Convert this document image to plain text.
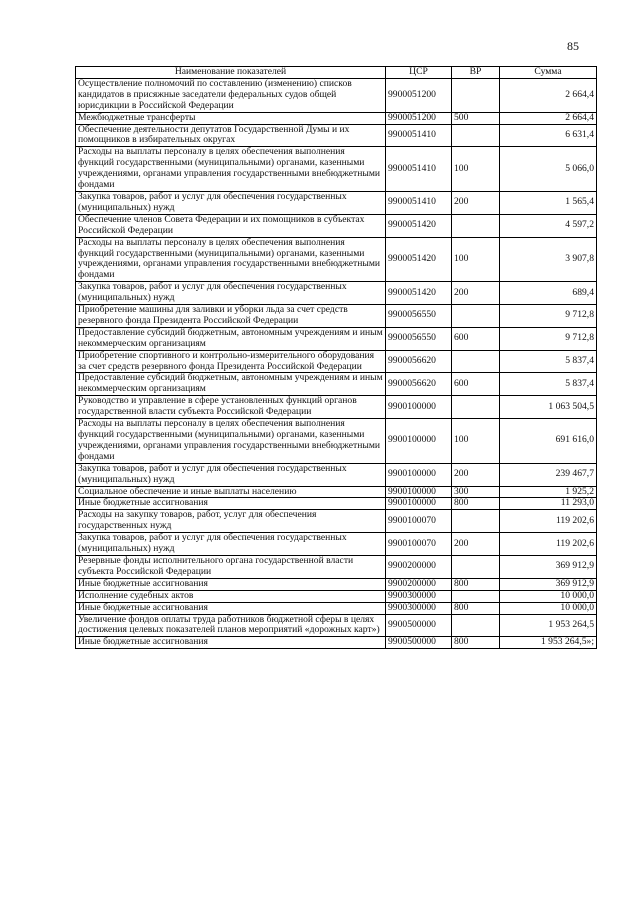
85
Наименование показателей	ЦСР	ВР	Сумма
Осуществление полномочий по составлению (изменению) списков кандидатов в присяжные заседатели федеральных судов общей юрисдикции в Российской Федерации	9900051200		2 664,4
Межбюджетные трансферты	9900051200	500	2 664,4
Обеспечение деятельности депутатов Государственной Думы и их помощников в избирательных округах	9900051410		6 631,4
Расходы на выплаты персоналу в целях обеспечения выполнения функций государственными (муниципальными) органами, казенными учреждениями, органами управления государственными внебюджетными фондами	9900051410	100	5 066,0
Закупка товаров, работ и услуг для обеспечения государственных (муниципальных) нужд	9900051410	200	1 565,4
Обеспечение членов Совета Федерации и их помощников в субъектах Российской Федерации	9900051420		4 597,2
Расходы на выплаты персоналу в целях обеспечения выполнения функций государственными (муниципальными) органами, казенными учреждениями, органами управления государственными внебюджетными фондами	9900051420	100	3 907,8
Закупка товаров, работ и услуг для обеспечения государственных (муниципальных) нужд	9900051420	200	689,4
Приобретение машины для заливки и уборки льда за счет средств резервного фонда Президента Российской Федерации	9900056550		9 712,8
Предоставление субсидий бюджетным, автономным учреждениям и иным некоммерческим организациям	9900056550	600	9 712,8
Приобретение спортивного и контрольно-измерительного оборудования за счет средств резервного фонда Президента Российской Федерации	9900056620		5 837,4
Предоставление субсидий бюджетным, автономным учреждениям и иным некоммерческим организациям	9900056620	600	5 837,4
Руководство и управление в сфере установленных функций органов государственной власти субъекта Российской Федерации	9900100000		1 063 504,5
Расходы на выплаты персоналу в целях обеспечения выполнения функций государственными (муниципальными) органами, казенными учреждениями, органами управления государственными внебюджетными фондами	9900100000	100	691 616,0
Закупка товаров, работ и услуг для обеспечения государственных (муниципальных) нужд	9900100000	200	239 467,7
Социальное обеспечение и иные выплаты населению	9900100000	300	1 925,2
Иные бюджетные ассигнования	9900100000	800	11 293,0
Расходы на закупку товаров, работ, услуг для обеспечения государственных нужд	9900100070		119 202,6
Закупка товаров, работ и услуг для обеспечения государственных (муниципальных) нужд	9900100070	200	119 202,6
Резервные фонды исполнительного органа государственной власти субъекта Российской Федерации	9900200000		369 912,9
Иные бюджетные ассигнования	9900200000	800	369 912,9
Исполнение судебных актов	9900300000		10 000,0
Иные бюджетные ассигнования	9900300000	800	10 000,0
Увеличение фондов оплаты труда работников бюджетной сферы в целях достижения целевых показателей планов мероприятий «дорожных карт»)	9900500000		1 953 264,5
Иные бюджетные ассигнования	9900500000	800	1 953 264,5»;
